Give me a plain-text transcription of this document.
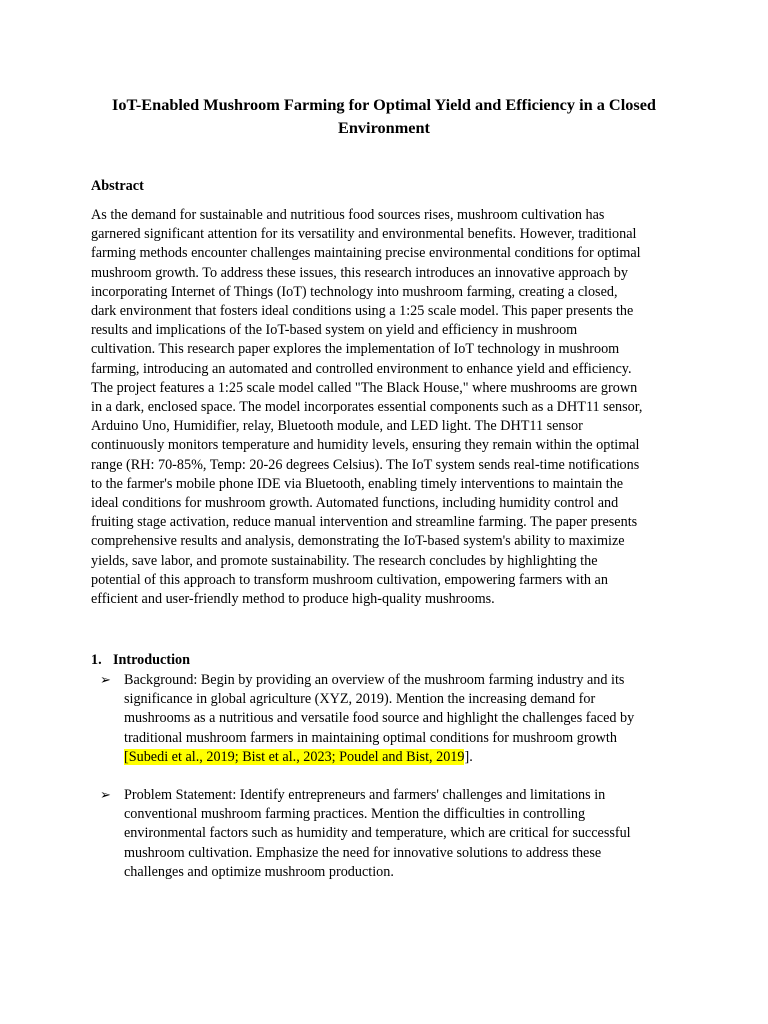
IoT-Enabled Mushroom Farming for Optimal Yield and Efficiency in a Closed
Environment
Abstract

As the demand for sustainable and nutritious food sources rises, mushroom cultivation has
garnered significant attention for its versatility and environmental benefits. However, traditional
farming methods encounter challenges maintaining precise environmental conditions for optimal
mushroom growth. To address these issues, this research introduces an innovative approach by
incorporating Internet of Things (IoT) technology into mushroom farming, creating a closed,
dark environment that fosters ideal conditions using a 1:25 scale model. This paper presents the
results and implications of the IoT-based system on yield and efficiency in mushroom
cultivation. This research paper explores the implementation of IoT technology in mushroom
farming, introducing an automated and controlled environment to enhance yield and efficiency.
The project features a 1:25 scale model called "The Black House," where mushrooms are grown
in a dark, enclosed space. The model incorporates essential components such as a DHT11 sensor,
Arduino Uno, Humidifier, relay, Bluetooth module, and LED light. The DHT11 sensor
continuously monitors temperature and humidity levels, ensuring they remain within the optimal
range (RH: 70-85%, Temp: 20-26 degrees Celsius). The IoT system sends real-time notifications
to the farmer's mobile phone IDE via Bluetooth, enabling timely interventions to maintain the
ideal conditions for mushroom growth. Automated functions, including humidity control and
fruiting stage activation, reduce manual intervention and streamline farming. The paper presents
comprehensive results and analysis, demonstrating the IoT-based system's ability to maximize
yields, save labor, and promote sustainability. The research concludes by highlighting the
potential of this approach to transform mushroom cultivation, empowering farmers with an
efficient and user-friendly method to produce high-quality mushrooms.

1. Introduction
➢ Background: Begin by providing an overview of the mushroom farming industry and its
significance in global agriculture (XYZ, 2019). Mention the increasing demand for
mushrooms as a nutritious and versatile food source and highlight the challenges faced by
traditional mushroom farmers in maintaining optimal conditions for mushroom growth
[Subedi et al., 2019; Bist et al., 2023; Poudel and Bist, 2019].
➢ Problem Statement: Identify entrepreneurs and farmers' challenges and limitations in
conventional mushroom farming practices. Mention the difficulties in controlling
environmental factors such as humidity and temperature, which are critical for successful
mushroom cultivation. Emphasize the need for innovative solutions to address these
challenges and optimize mushroom production.
